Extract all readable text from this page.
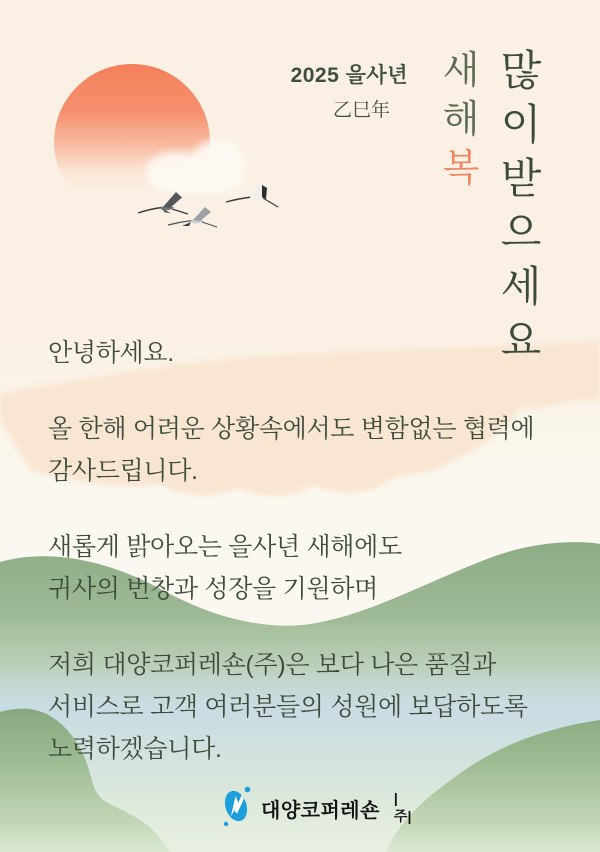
2025 을사년
乙巳年
새
해
복
많
이
받
으
세
요

안녕하세요.

올 한해 어려운 상황속에서도 변함없는 협력에
감사드립니다.

새롭게 밝아오는 을사년 새해에도
귀사의 번창과 성장을 기원하며

저희 대양코퍼레숀(주)은 보다 나은 품질과
서비스로 고객 여러분들의 성원에 보답하도록
노력하겠습니다.

대양코퍼레숀
|주|
